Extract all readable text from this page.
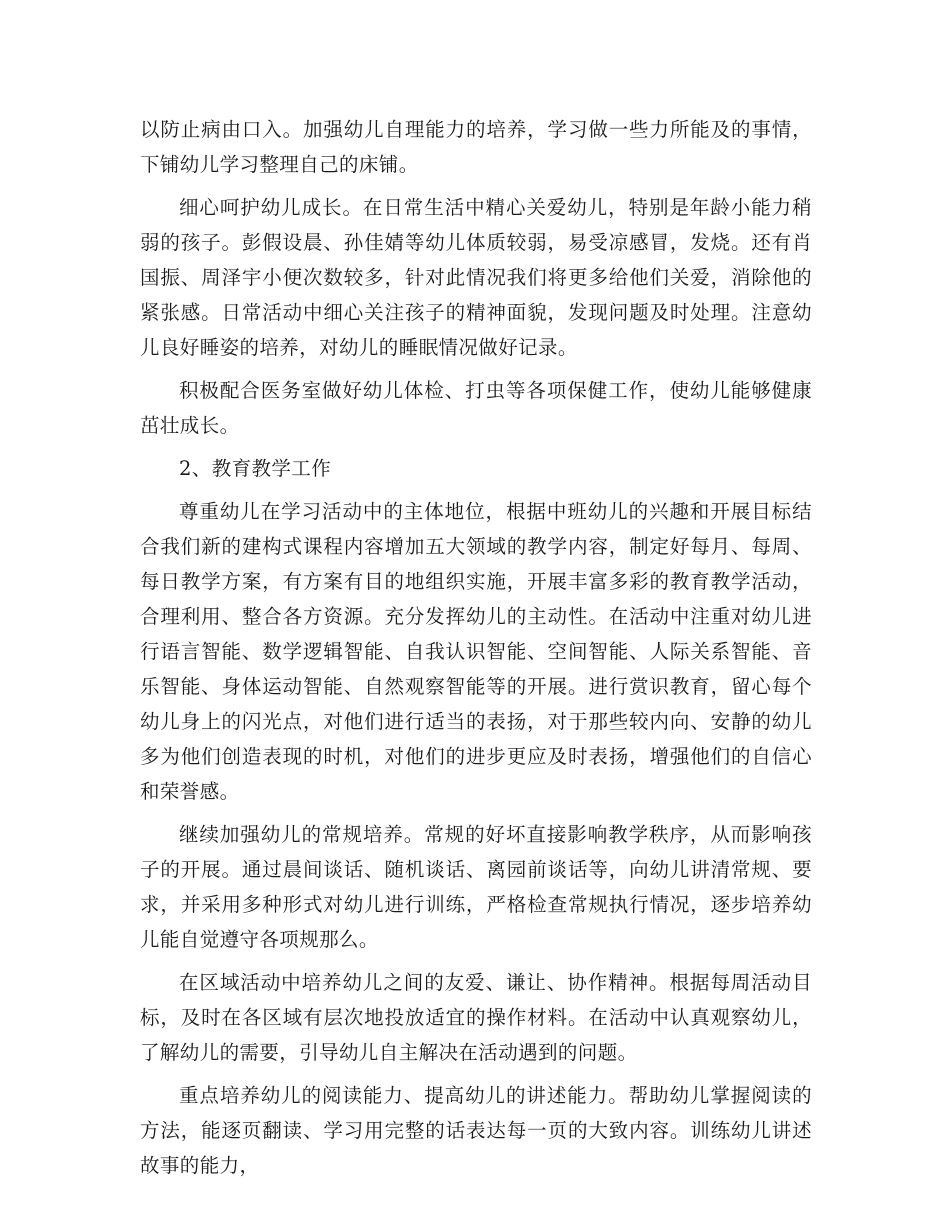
以防止病由口入。加强幼儿自理能力的培养，学习做一些力所能及的事情，下铺幼儿学习整理自己的床铺。

细心呵护幼儿成长。在日常生活中精心关爱幼儿，特别是年龄小能力稍弱的孩子。彭假设晨、孙佳婧等幼儿体质较弱，易受凉感冒，发烧。还有肖国振、周泽宇小便次数较多，针对此情况我们将更多给他们关爱，消除他的紧张感。日常活动中细心关注孩子的精神面貌，发现问题及时处理。注意幼儿良好睡姿的培养，对幼儿的睡眠情况做好记录。

积极配合医务室做好幼儿体检、打虫等各项保健工作，使幼儿能够健康茁壮成长。

2、教育教学工作

尊重幼儿在学习活动中的主体地位，根据中班幼儿的兴趣和开展目标结合我们新的建构式课程内容增加五大领域的教学内容，制定好每月、每周、每日教学方案，有方案有目的地组织实施，开展丰富多彩的教育教学活动，合理利用、整合各方资源。充分发挥幼儿的主动性。在活动中注重对幼儿进行语言智能、数学逻辑智能、自我认识智能、空间智能、人际关系智能、音乐智能、身体运动智能、自然观察智能等的开展。进行赏识教育，留心每个幼儿身上的闪光点，对他们进行适当的表扬，对于那些较内向、安静的幼儿多为他们创造表现的时机，对他们的进步更应及时表扬，增强他们的自信心和荣誉感。

继续加强幼儿的常规培养。常规的好坏直接影响教学秩序，从而影响孩子的开展。通过晨间谈话、随机谈话、离园前谈话等，向幼儿讲清常规、要求，并采用多种形式对幼儿进行训练，严格检查常规执行情况，逐步培养幼儿能自觉遵守各项规那么。

在区域活动中培养幼儿之间的友爱、谦让、协作精神。根据每周活动目标，及时在各区域有层次地投放适宜的操作材料。在活动中认真观察幼儿，了解幼儿的需要，引导幼儿自主解决在活动遇到的问题。

重点培养幼儿的阅读能力、提高幼儿的讲述能力。帮助幼儿掌握阅读的方法，能逐页翻读、学习用完整的话表达每一页的大致内容。训练幼儿讲述故事的能力，
